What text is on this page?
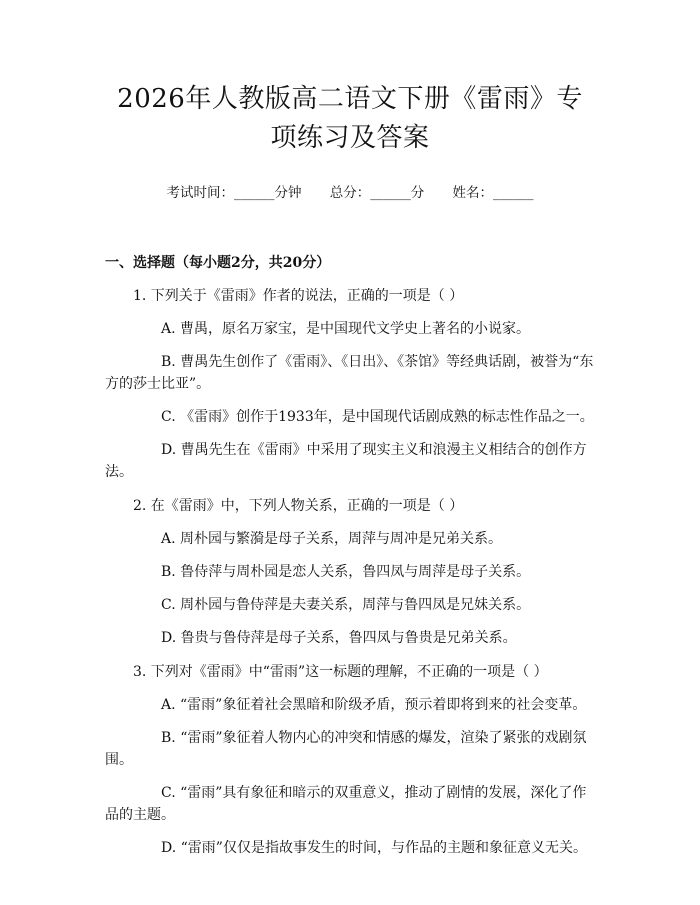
2026年人教版高二语文下册《雷雨》专项练习及答案
考试时间：______分钟 总分：______分 姓名：______
一、选择题（每小题2分，共20分）
1. 下列关于《雷雨》作者的说法，正确的一项是（ ）
A. 曹禺，原名万家宝，是中国现代文学史上著名的小说家。
B. 曹禺先生创作了《雷雨》、《日出》、《茶馆》等经典话剧，被誉为“东方的莎士比亚”。
C. 《雷雨》创作于1933年，是中国现代话剧成熟的标志性作品之一。
D. 曹禺先生在《雷雨》中采用了现实主义和浪漫主义相结合的创作方法。
2. 在《雷雨》中，下列人物关系，正确的一项是（ ）
A. 周朴园与繁漪是母子关系，周萍与周冲是兄弟关系。
B. 鲁侍萍与周朴园是恋人关系，鲁四凤与周萍是母子关系。
C. 周朴园与鲁侍萍是夫妻关系，周萍与鲁四凤是兄妹关系。
D. 鲁贵与鲁侍萍是母子关系，鲁四凤与鲁贵是兄弟关系。
3. 下列对《雷雨》中“雷雨”这一标题的理解，不正确的一项是（ ）
A. “雷雨”象征着社会黑暗和阶级矛盾，预示着即将到来的社会变革。
B. “雷雨”象征着人物内心的冲突和情感的爆发，渲染了紧张的戏剧氛围。
C. “雷雨”具有象征和暗示的双重意义，推动了剧情的发展，深化了作品的主题。
D. “雷雨”仅仅是指故事发生的时间，与作品的主题和象征意义无关。
